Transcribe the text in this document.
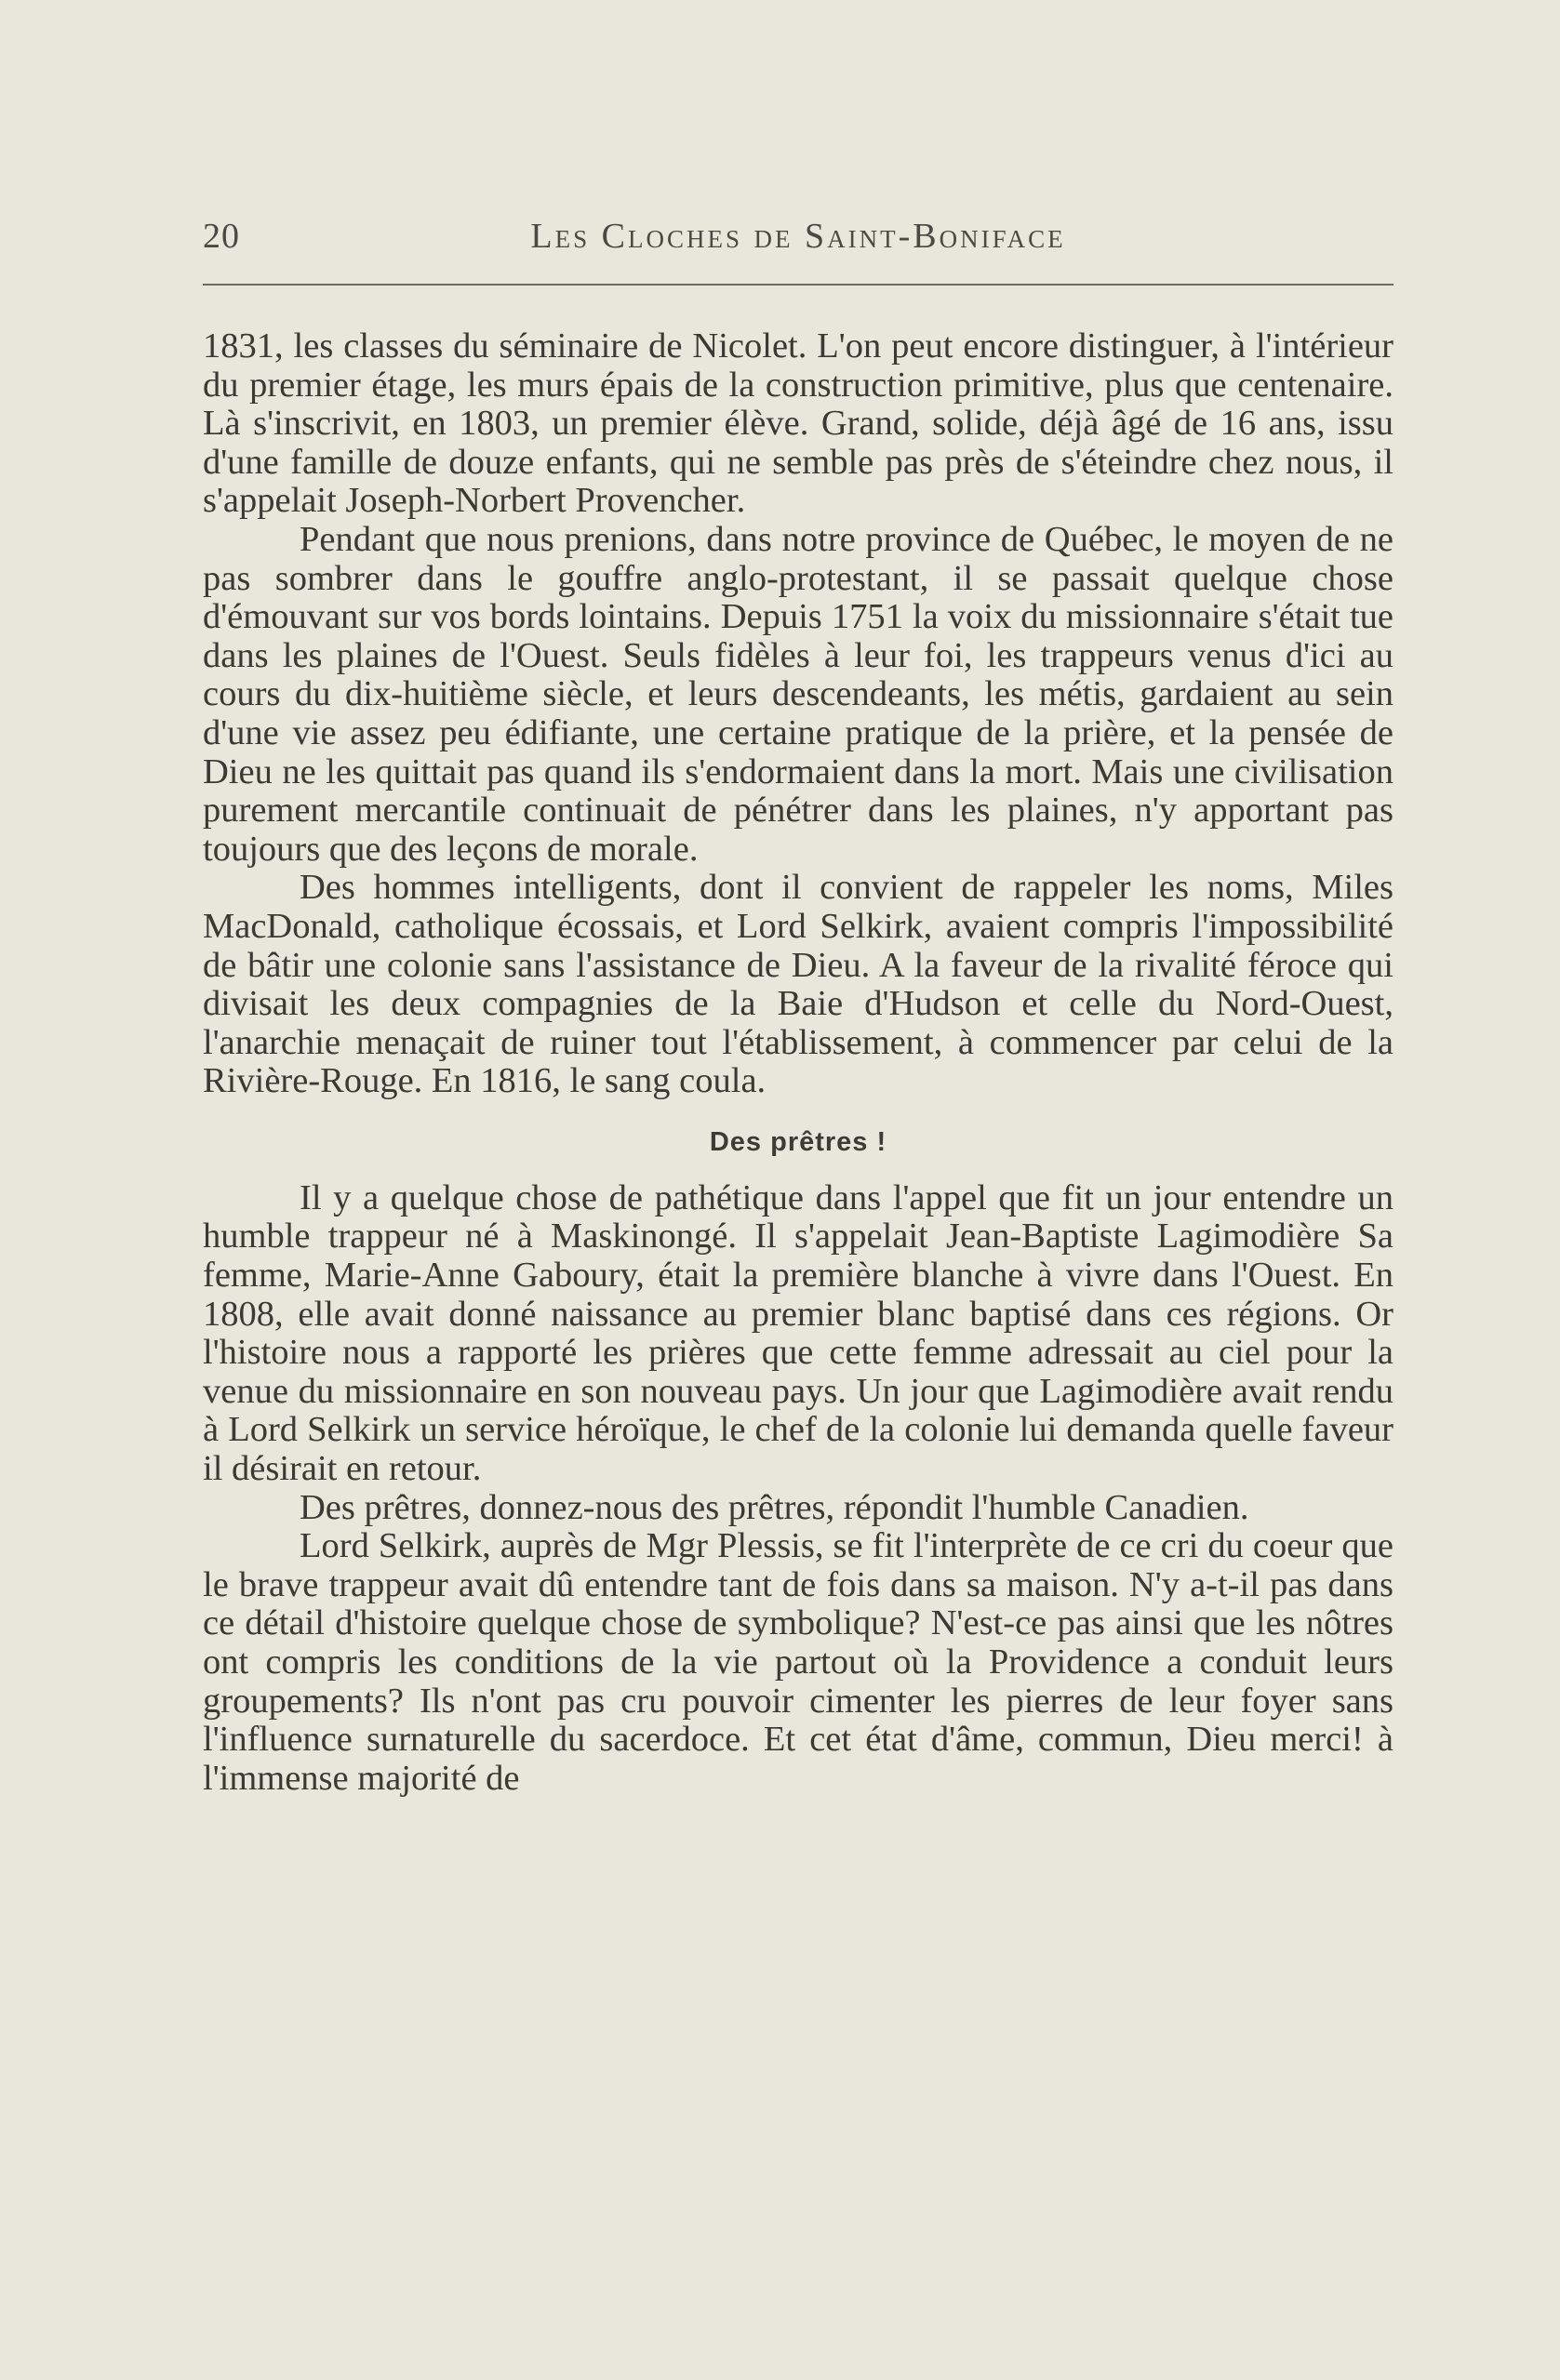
20	Les Cloches de Saint-Boniface

1831, les classes du séminaire de Nicolet. L'on peut encore distinguer, à l'intérieur du premier étage, les murs épais de la construction primitive, plus que centenaire. Là s'inscrivit, en 1803, un premier élève. Grand, solide, déjà âgé de 16 ans, issu d'une famille de douze enfants, qui ne semble pas près de s'éteindre chez nous, il s'appelait Joseph-Norbert Provencher.

Pendant que nous prenions, dans notre province de Québec, le moyen de ne pas sombrer dans le gouffre anglo-protestant, il se passait quelque chose d'émouvant sur vos bords lointains. Depuis 1751 la voix du missionnaire s'était tue dans les plaines de l'Ouest. Seuls fidèles à leur foi, les trappeurs venus d'ici au cours du dix-huitième siècle, et leurs descendeants, les métis, gardaient au sein d'une vie assez peu édifiante, une certaine pratique de la prière, et la pensée de Dieu ne les quittait pas quand ils s'endormaient dans la mort. Mais une civilisation purement mercantile continuait de pénétrer dans les plaines, n'y apportant pas toujours que des leçons de morale.

Des hommes intelligents, dont il convient de rappeler les noms, Miles MacDonald, catholique écossais, et Lord Selkirk, avaient compris l'impossibilité de bâtir une colonie sans l'assistance de Dieu. A la faveur de la rivalité féroce qui divisait les deux compagnies de la Baie d'Hudson et celle du Nord-Ouest, l'anarchie menaçait de ruiner tout l'établissement, à commencer par celui de la Rivière-Rouge. En 1816, le sang coula.

Des prêtres !

Il y a quelque chose de pathétique dans l'appel que fit un jour entendre un humble trappeur né à Maskinongé. Il s'appelait Jean-Baptiste Lagimodière Sa femme, Marie-Anne Gaboury, était la première blanche à vivre dans l'Ouest. En 1808, elle avait donné naissance au premier blanc baptisé dans ces régions. Or l'histoire nous a rapporté les prières que cette femme adressait au ciel pour la venue du missionnaire en son nouveau pays. Un jour que Lagimodière avait rendu à Lord Selkirk un service héroïque, le chef de la colonie lui demanda quelle faveur il désirait en retour.

Des prêtres, donnez-nous des prêtres, répondit l'humble Canadien.

Lord Selkirk, auprès de Mgr Plessis, se fit l'interprète de ce cri du coeur que le brave trappeur avait dû entendre tant de fois dans sa maison. N'y a-t-il pas dans ce détail d'histoire quelque chose de symbolique? N'est-ce pas ainsi que les nôtres ont compris les conditions de la vie partout où la Providence a conduit leurs groupements? Ils n'ont pas cru pouvoir cimenter les pierres de leur foyer sans l'influence surnaturelle du sacerdoce. Et cet état d'âme, commun, Dieu merci! à l'immense majorité de
